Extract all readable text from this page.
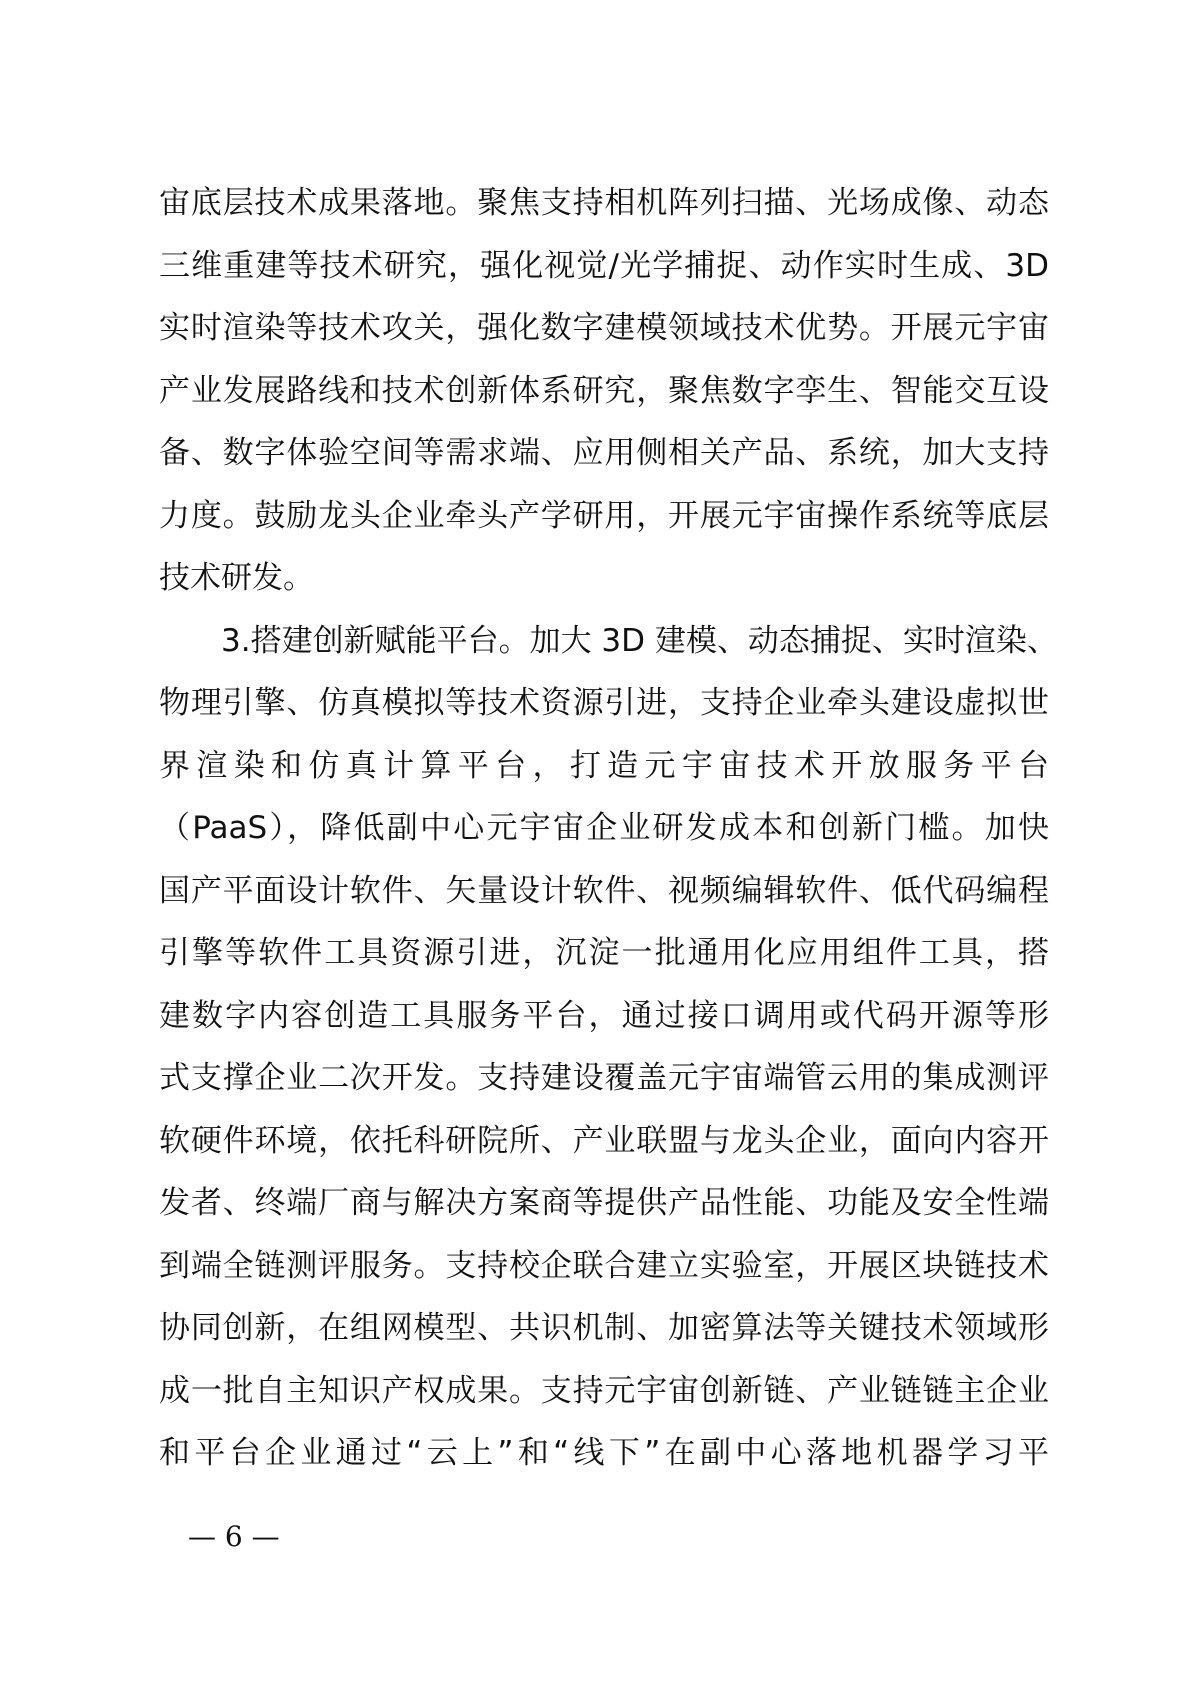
宙底层技术成果落地。聚焦支持相机阵列扫描、光场成像、动态
三维重建等技术研究，强化视觉/光学捕捉、动作实时生成、3D
实时渲染等技术攻关，强化数字建模领域技术优势。开展元宇宙
产业发展路线和技术创新体系研究，聚焦数字孪生、智能交互设
备、数字体验空间等需求端、应用侧相关产品、系统，加大支持
力度。鼓励龙头企业牵头产学研用，开展元宇宙操作系统等底层
技术研发。
3.搭建创新赋能平台。加大 3D 建模、动态捕捉、实时渲染、
物理引擎、仿真模拟等技术资源引进，支持企业牵头建设虚拟世
界渲染和仿真计算平台，打造元宇宙技术开放服务平台
（PaaS），降低副中心元宇宙企业研发成本和创新门槛。加快
国产平面设计软件、矢量设计软件、视频编辑软件、低代码编程
引擎等软件工具资源引进，沉淀一批通用化应用组件工具，搭
建数字内容创造工具服务平台，通过接口调用或代码开源等形
式支撑企业二次开发。支持建设覆盖元宇宙端管云用的集成测评
软硬件环境，依托科研院所、产业联盟与龙头企业，面向内容开
发者、终端厂商与解决方案商等提供产品性能、功能及安全性端
到端全链测评服务。支持校企联合建立实验室，开展区块链技术
协同创新，在组网模型、共识机制、加密算法等关键技术领域形
成一批自主知识产权成果。支持元宇宙创新链、产业链链主企业
和平台企业通过“云上”和“线下”在副中心落地机器学习平
— 6 —
